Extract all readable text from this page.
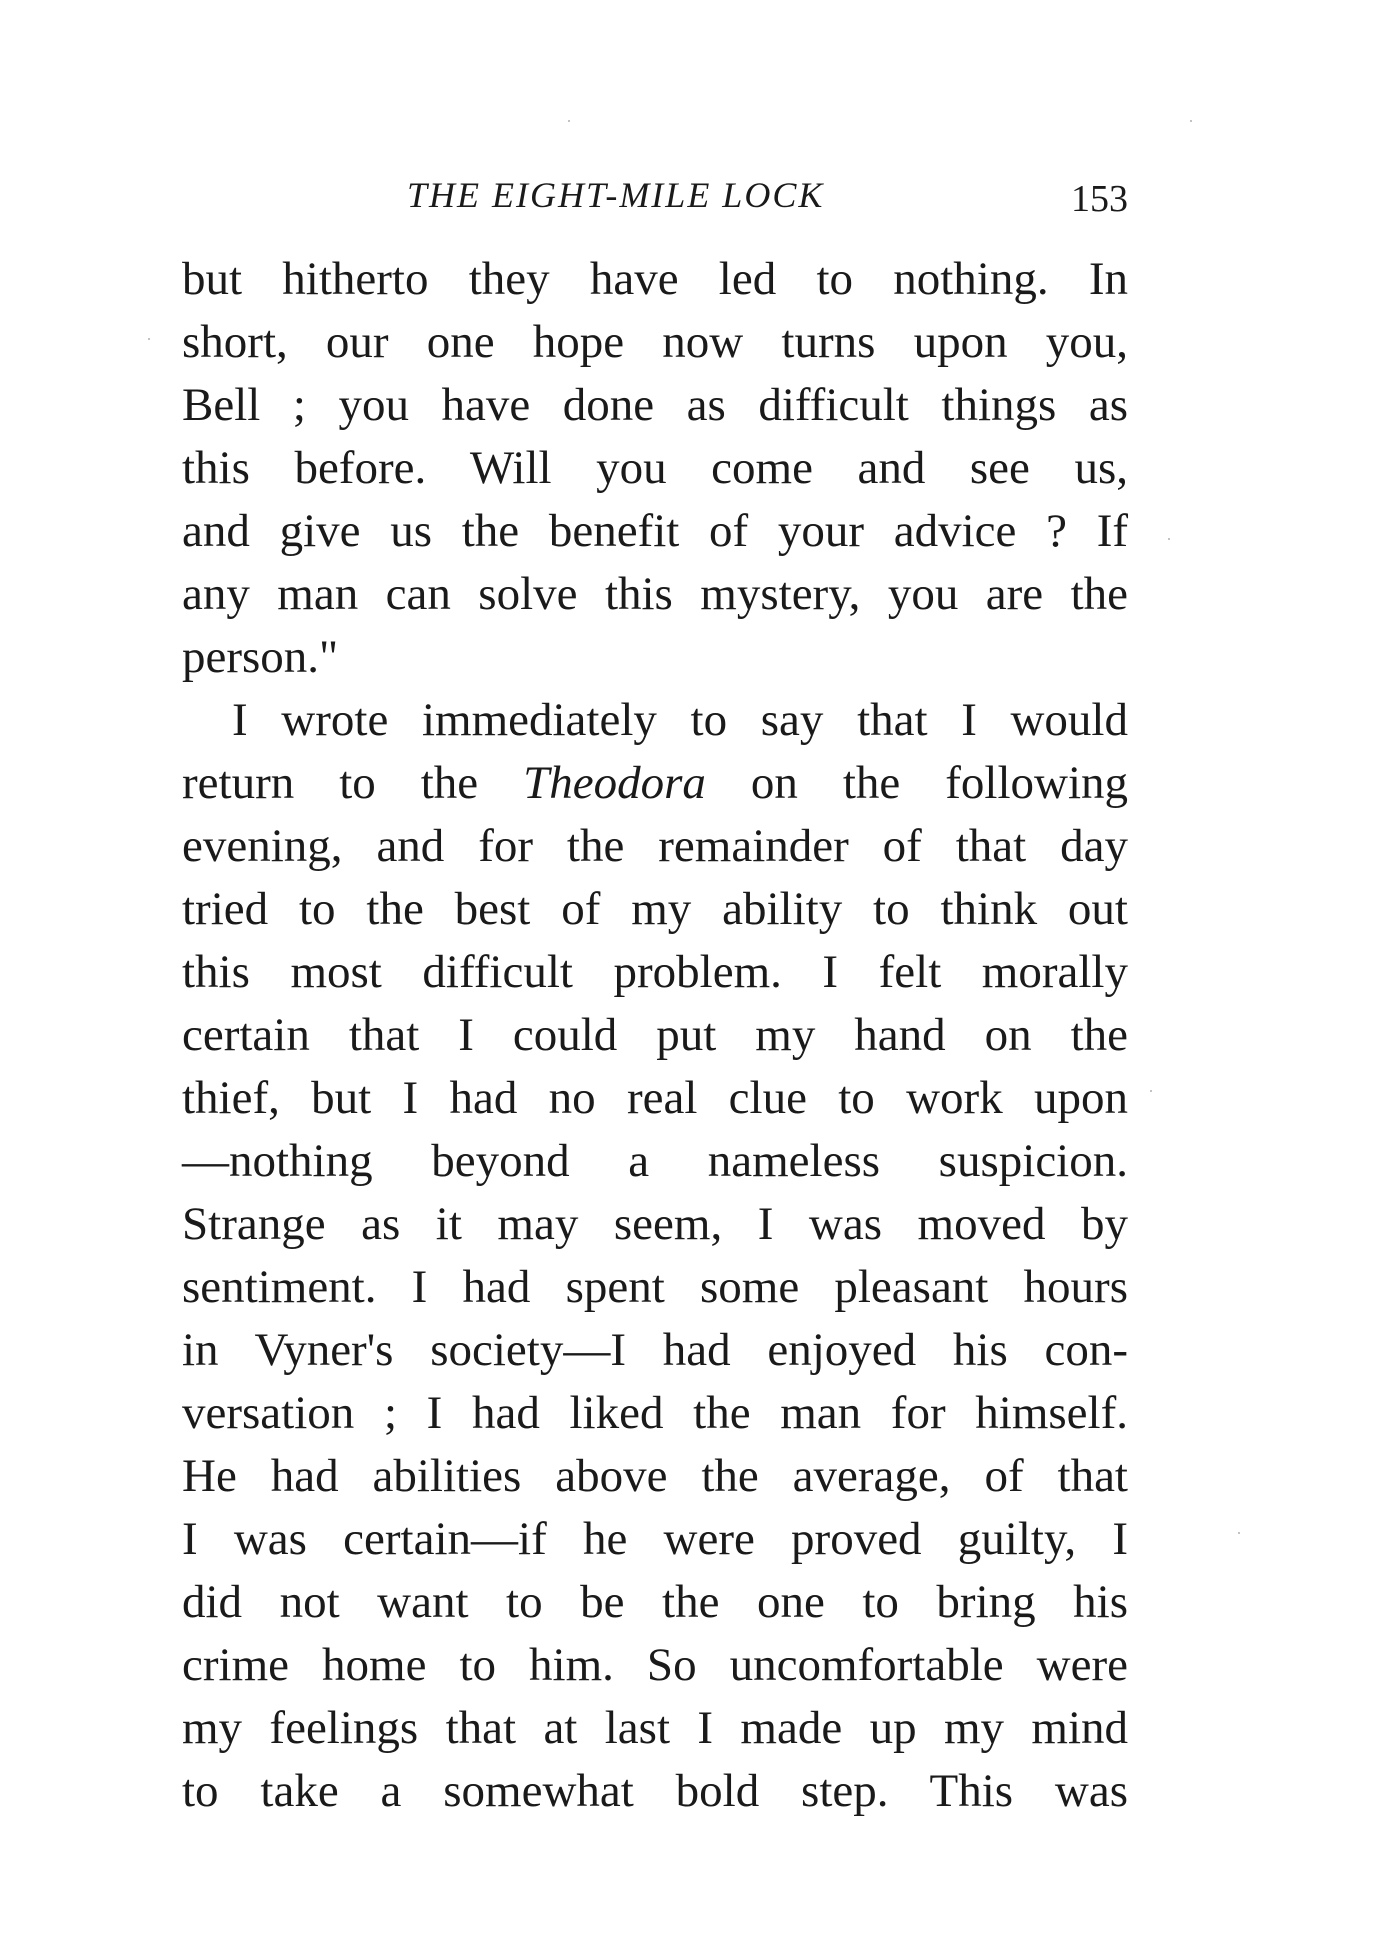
THE EIGHT-MILE LOCK	153
but hitherto they have led to nothing. In
short, our one hope now turns upon you,
Bell ; you have done as difficult things as
this before. Will you come and see us,
and give us the benefit of your advice ? If
any man can solve this mystery, you are the
person."
I wrote immediately to say that I would
return to the Theodora on the following
evening, and for the remainder of that day
tried to the best of my ability to think out
this most difficult problem. I felt morally
certain that I could put my hand on the
thief, but I had no real clue to work upon
—nothing beyond a nameless suspicion.
Strange as it may seem, I was moved by
sentiment. I had spent some pleasant hours
in Vyner's society—I had enjoyed his con-
versation ; I had liked the man for himself.
He had abilities above the average, of that
I was certain—if he were proved guilty, I
did not want to be the one to bring his
crime home to him. So uncomfortable were
my feelings that at last I made up my mind
to take a somewhat bold step. This was
